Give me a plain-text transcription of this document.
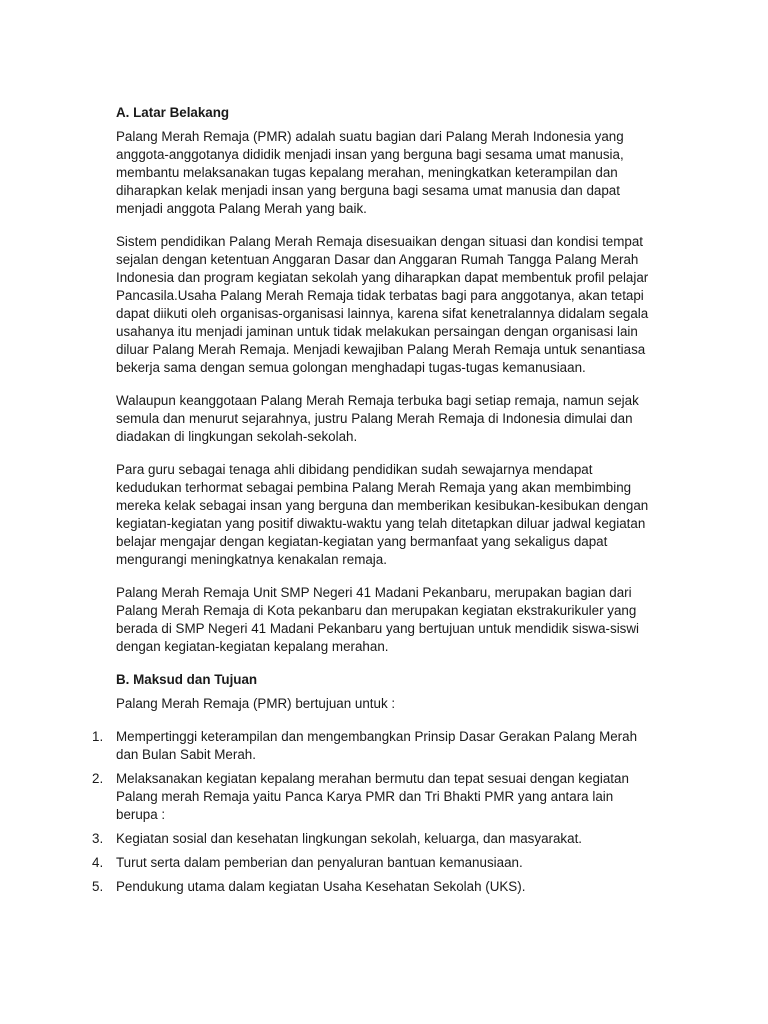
A. Latar Belakang

Palang Merah Remaja (PMR) adalah suatu bagian dari Palang Merah Indonesia yang anggota-anggotanya dididik menjadi insan yang berguna bagi sesama umat manusia, membantu melaksanakan tugas kepalang merahan, meningkatkan keterampilan dan diharapkan kelak menjadi insan yang berguna bagi sesama umat manusia dan dapat menjadi anggota Palang Merah yang baik.

Sistem pendidikan Palang Merah Remaja disesuaikan dengan situasi dan kondisi tempat sejalan dengan ketentuan Anggaran Dasar dan Anggaran Rumah Tangga Palang Merah Indonesia dan program kegiatan sekolah yang diharapkan dapat membentuk profil pelajar Pancasila.Usaha Palang Merah Remaja tidak terbatas bagi para anggotanya, akan tetapi dapat diikuti oleh organisas-organisasi lainnya, karena sifat kenetralannya didalam segala usahanya itu menjadi jaminan untuk tidak melakukan persaingan dengan organisasi lain diluar Palang Merah Remaja. Menjadi kewajiban Palang Merah Remaja untuk senantiasa bekerja sama dengan semua golongan menghadapi tugas-tugas kemanusiaan.

Walaupun keanggotaan Palang Merah Remaja terbuka bagi setiap remaja, namun sejak semula dan menurut sejarahnya, justru Palang Merah Remaja di Indonesia dimulai dan diadakan di lingkungan sekolah-sekolah.

Para guru sebagai tenaga ahli dibidang pendidikan sudah sewajarnya mendapat kedudukan terhormat sebagai pembina Palang Merah Remaja yang akan membimbing mereka kelak sebagai insan yang berguna dan memberikan kesibukan-kesibukan dengan kegiatan-kegiatan yang positif diwaktu-waktu yang telah ditetapkan diluar jadwal kegiatan belajar mengajar dengan kegiatan-kegiatan yang bermanfaat yang sekaligus dapat mengurangi meningkatnya kenakalan remaja.

Palang Merah Remaja Unit SMP Negeri 41 Madani Pekanbaru, merupakan bagian dari Palang Merah Remaja di Kota pekanbaru dan merupakan kegiatan ekstrakurikuler yang berada di SMP Negeri 41 Madani Pekanbaru yang bertujuan untuk mendidik siswa-siswi dengan kegiatan-kegiatan kepalang merahan.

B. Maksud dan Tujuan

Palang Merah Remaja (PMR) bertujuan untuk :

1. Mempertinggi keterampilan dan mengembangkan Prinsip Dasar Gerakan Palang Merah dan Bulan Sabit Merah.
2. Melaksanakan kegiatan kepalang merahan bermutu dan tepat sesuai dengan kegiatan Palang merah Remaja yaitu Panca Karya PMR dan Tri Bhakti PMR yang antara lain berupa :
3. Kegiatan sosial dan kesehatan lingkungan sekolah, keluarga, dan masyarakat.
4. Turut serta dalam pemberian dan penyaluran bantuan kemanusiaan.
5. Pendukung utama dalam kegiatan Usaha Kesehatan Sekolah (UKS).
